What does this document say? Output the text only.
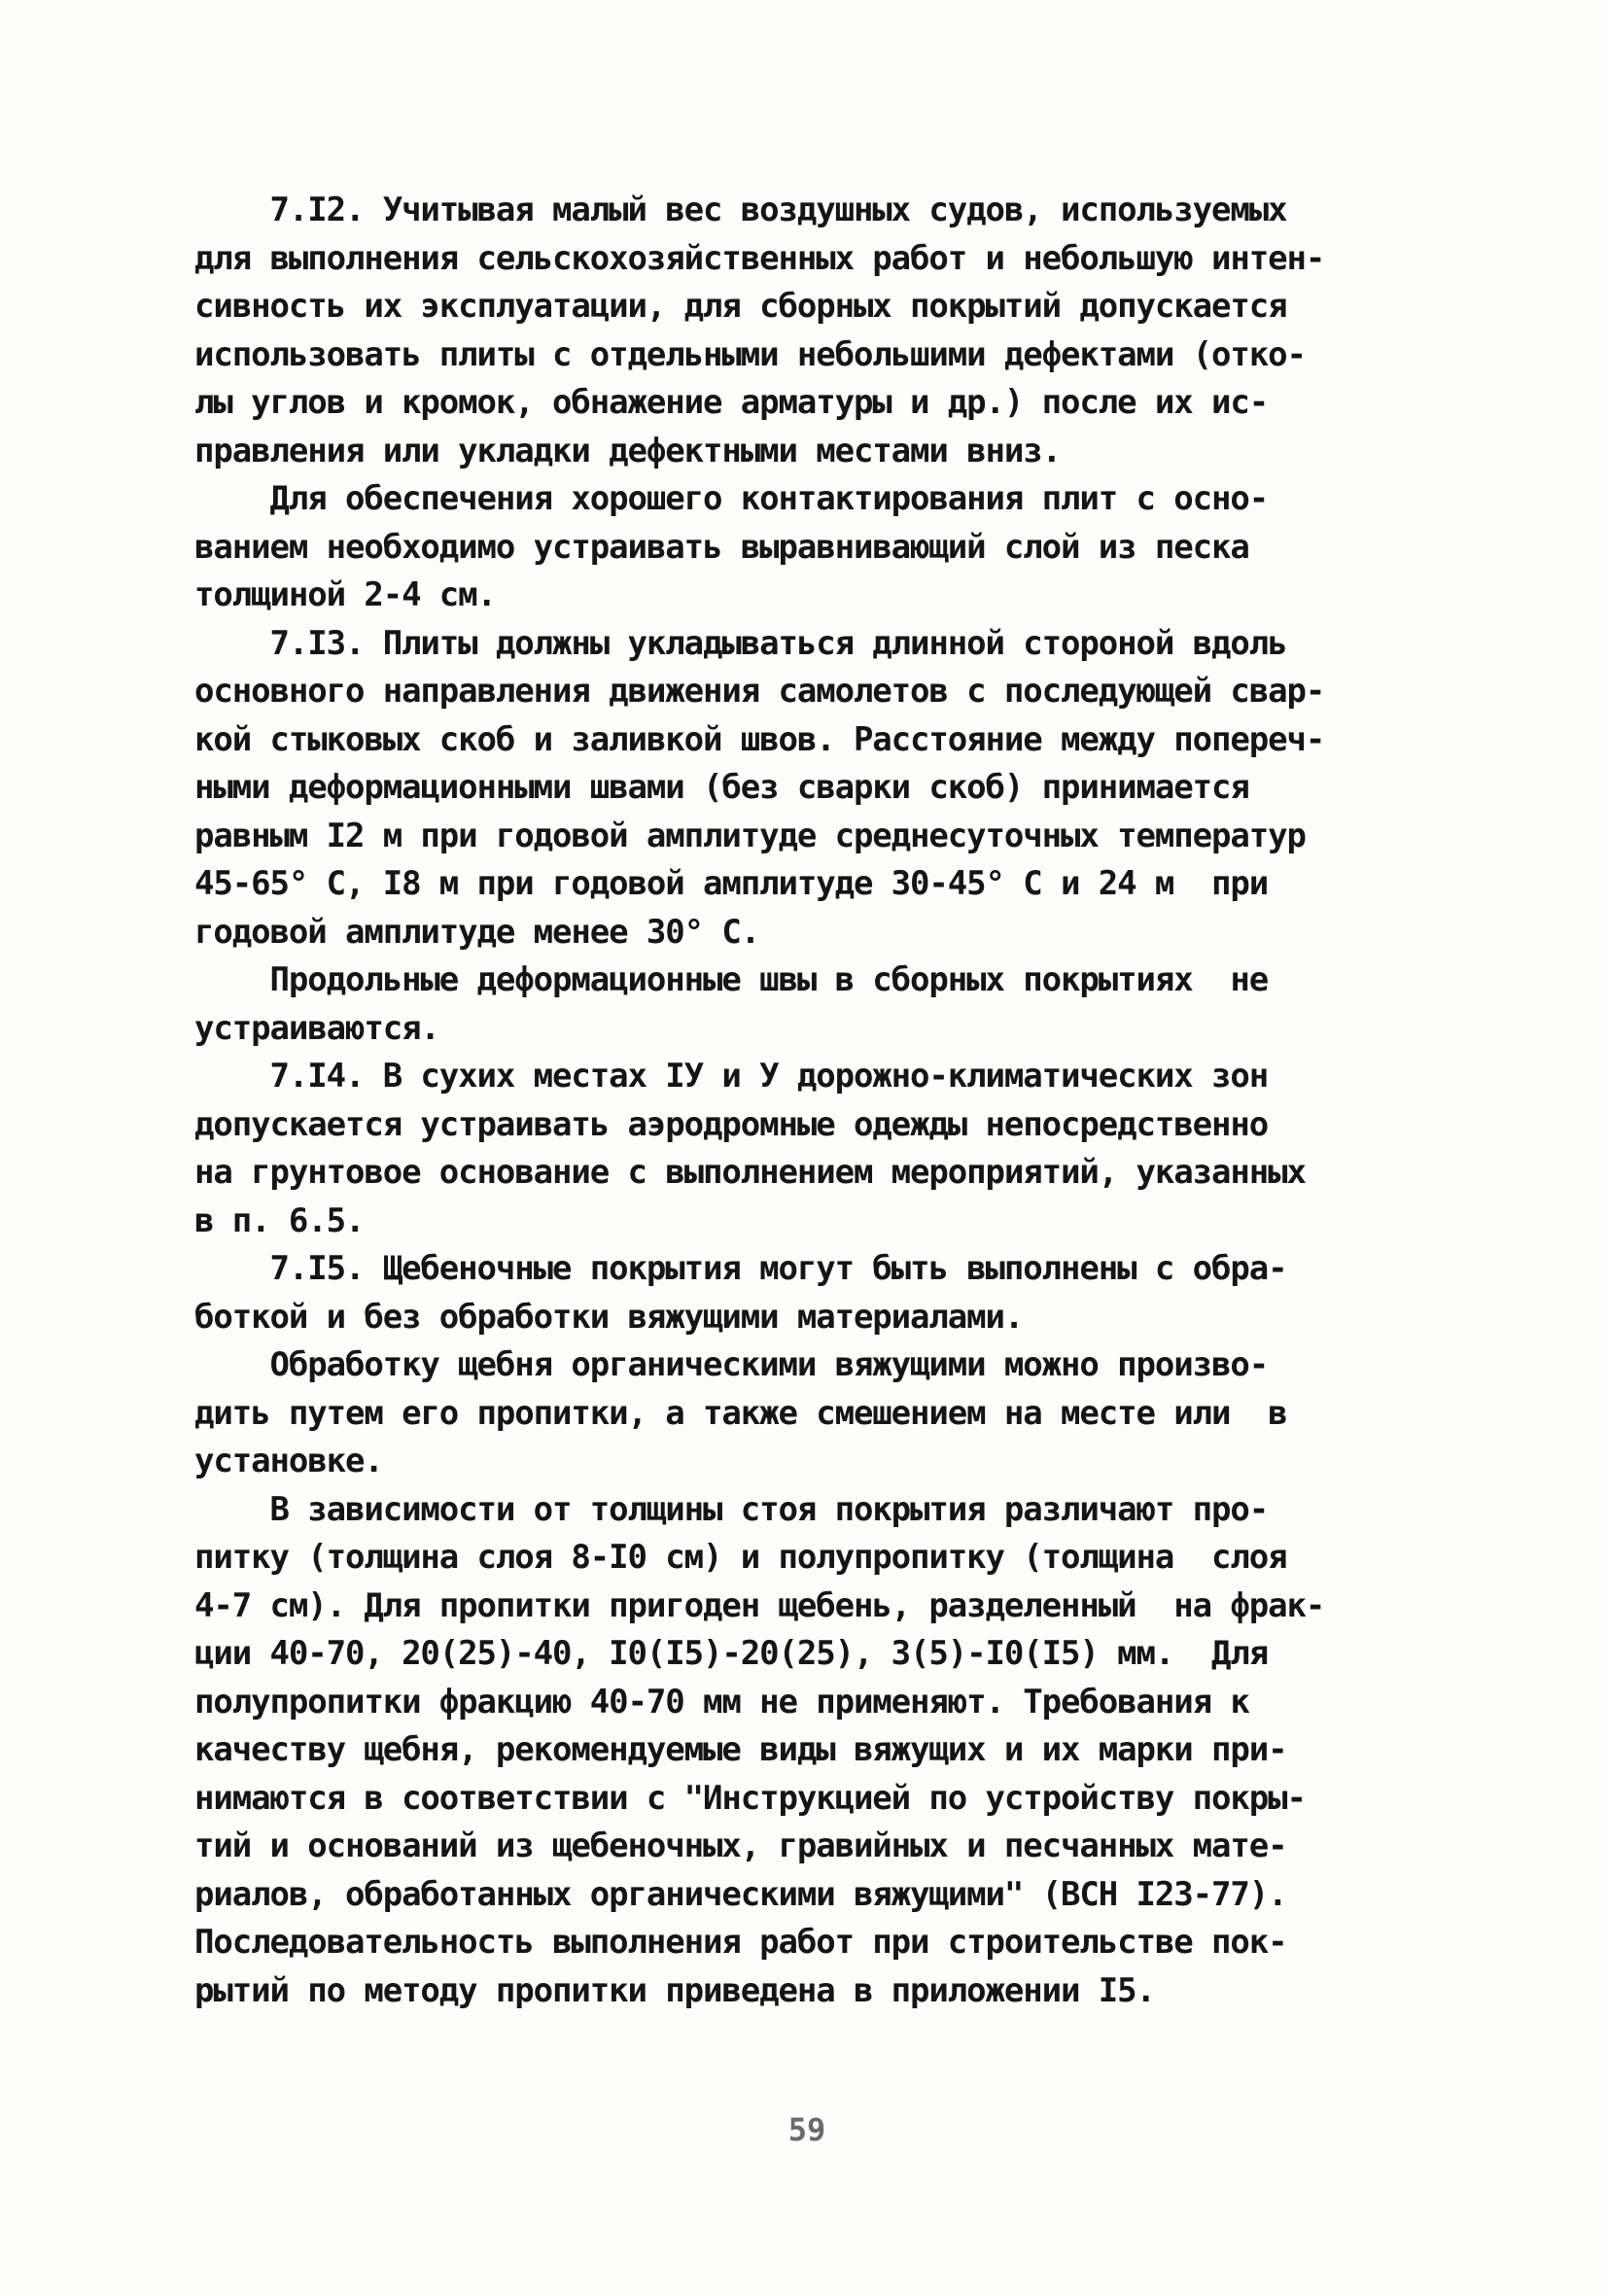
7.I2. Учитывая малый вес воздушных судов, используемых
для выполнения сельскохозяйственных работ и небольшую интен-
сивность их эксплуатации, для сборных покрытий допускается
использовать плиты с отдельными небольшими дефектами (отко-
лы углов и кромок, обнажение арматуры и др.) после их ис-
правления или укладки дефектными местами вниз.
Для обеспечения хорошего контактирования плит с осно-
ванием необходимо устраивать выравнивающий слой из песка
толщиной 2-4 см.
7.I3. Плиты должны укладываться длинной стороной вдоль
основного направления движения самолетов с последующей свар-
кой стыковых скоб и заливкой швов. Расстояние между попереч-
ными деформационными швами (без сварки скоб) принимается
равным I2 м при годовой амплитуде среднесуточных температур
45-65° С, I8 м при годовой амплитуде 30-45° С и 24 м  при
годовой амплитуде менее 30° С.
Продольные деформационные швы в сборных покрытиях  не
устраиваются.
7.I4. В сухих местах IУ и У дорожно-климатических зон
допускается устраивать аэродромные одежды непосредственно
на грунтовое основание с выполнением мероприятий, указанных
в п. 6.5.
7.I5. Щебеночные покрытия могут быть выполнены с обра-
боткой и без обработки вяжущими материалами.
Обработку щебня органическими вяжущими можно произво-
дить путем его пропитки, а также смешением на месте или  в
установке.
В зависимости от толщины стоя покрытия различают про-
питку (толщина слоя 8-I0 см) и полупропитку (толщина  слоя
4-7 см). Для пропитки пригоден щебень, разделенный  на фрак-
ции 40-70, 20(25)-40, I0(I5)-20(25), 3(5)-I0(I5) мм.  Для
полупропитки фракцию 40-70 мм не применяют. Требования к
качеству щебня, рекомендуемые виды вяжущих и их марки при-
нимаются в соответствии с "Инструкцией по устройству покры-
тий и оснований из щебеночных, гравийных и песчанных мате-
риалов, обработанных органическими вяжущими" (ВСН I23-77).
Последовательность выполнения работ при строительстве пок-
рытий по методу пропитки приведена в приложении I5.
59
